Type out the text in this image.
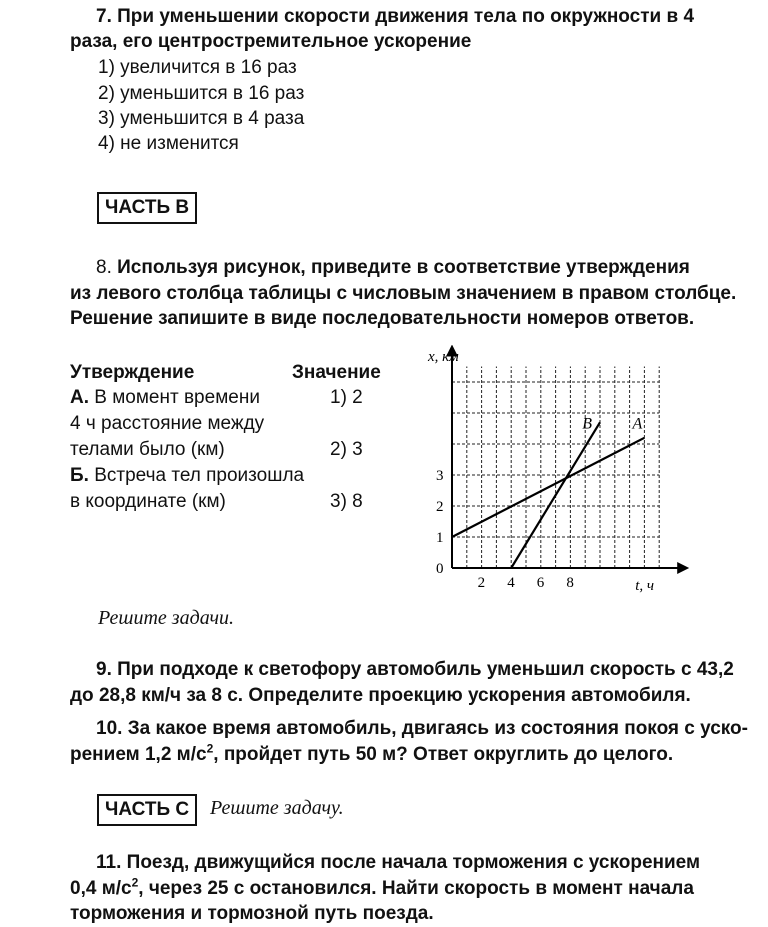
7. При уменьшении скорости движения тела по окружности в 4
раза, его центростремительное ускорение
1) увеличится в 16 раз
2) уменьшится в 16 раз
3) уменьшится в 4 раза
4) не изменится
ЧАСТЬ В
8. Используя рисунок, приведите в соответствие утверждения
из левого столбца таблицы с числовым значением в правом столбце.
Решение запишите в виде последовательности номеров ответов.
Утверждение	Значение
А. В момент времени
4 ч расстояние между
телами было (км)
Б. Встреча тел произошла
в координате (км)
1) 2
2) 3
3) 8
2 4 6 8
0
1
2
3
t, ч
x, км
A
B
Решите задачи.
9. При подходе к светофору автомобиль уменьшил скорость с 43,2
до 28,8 км/ч за 8 с. Определите проекцию ускорения автомобиля.
10. За какое время автомобиль, двигаясь из состояния покоя с уско-
рением 1,2 $м/с^2$, пройдет путь 50 м? Ответ округлить до целого.
ЧАСТЬ С	Решите задачу.
11. Поезд, движущийся после начала торможения с ускорением
0,4 $м/с^2$, через 25 с остановился. Найти скорость в момент начала
торможения и тормозной путь поезда.
